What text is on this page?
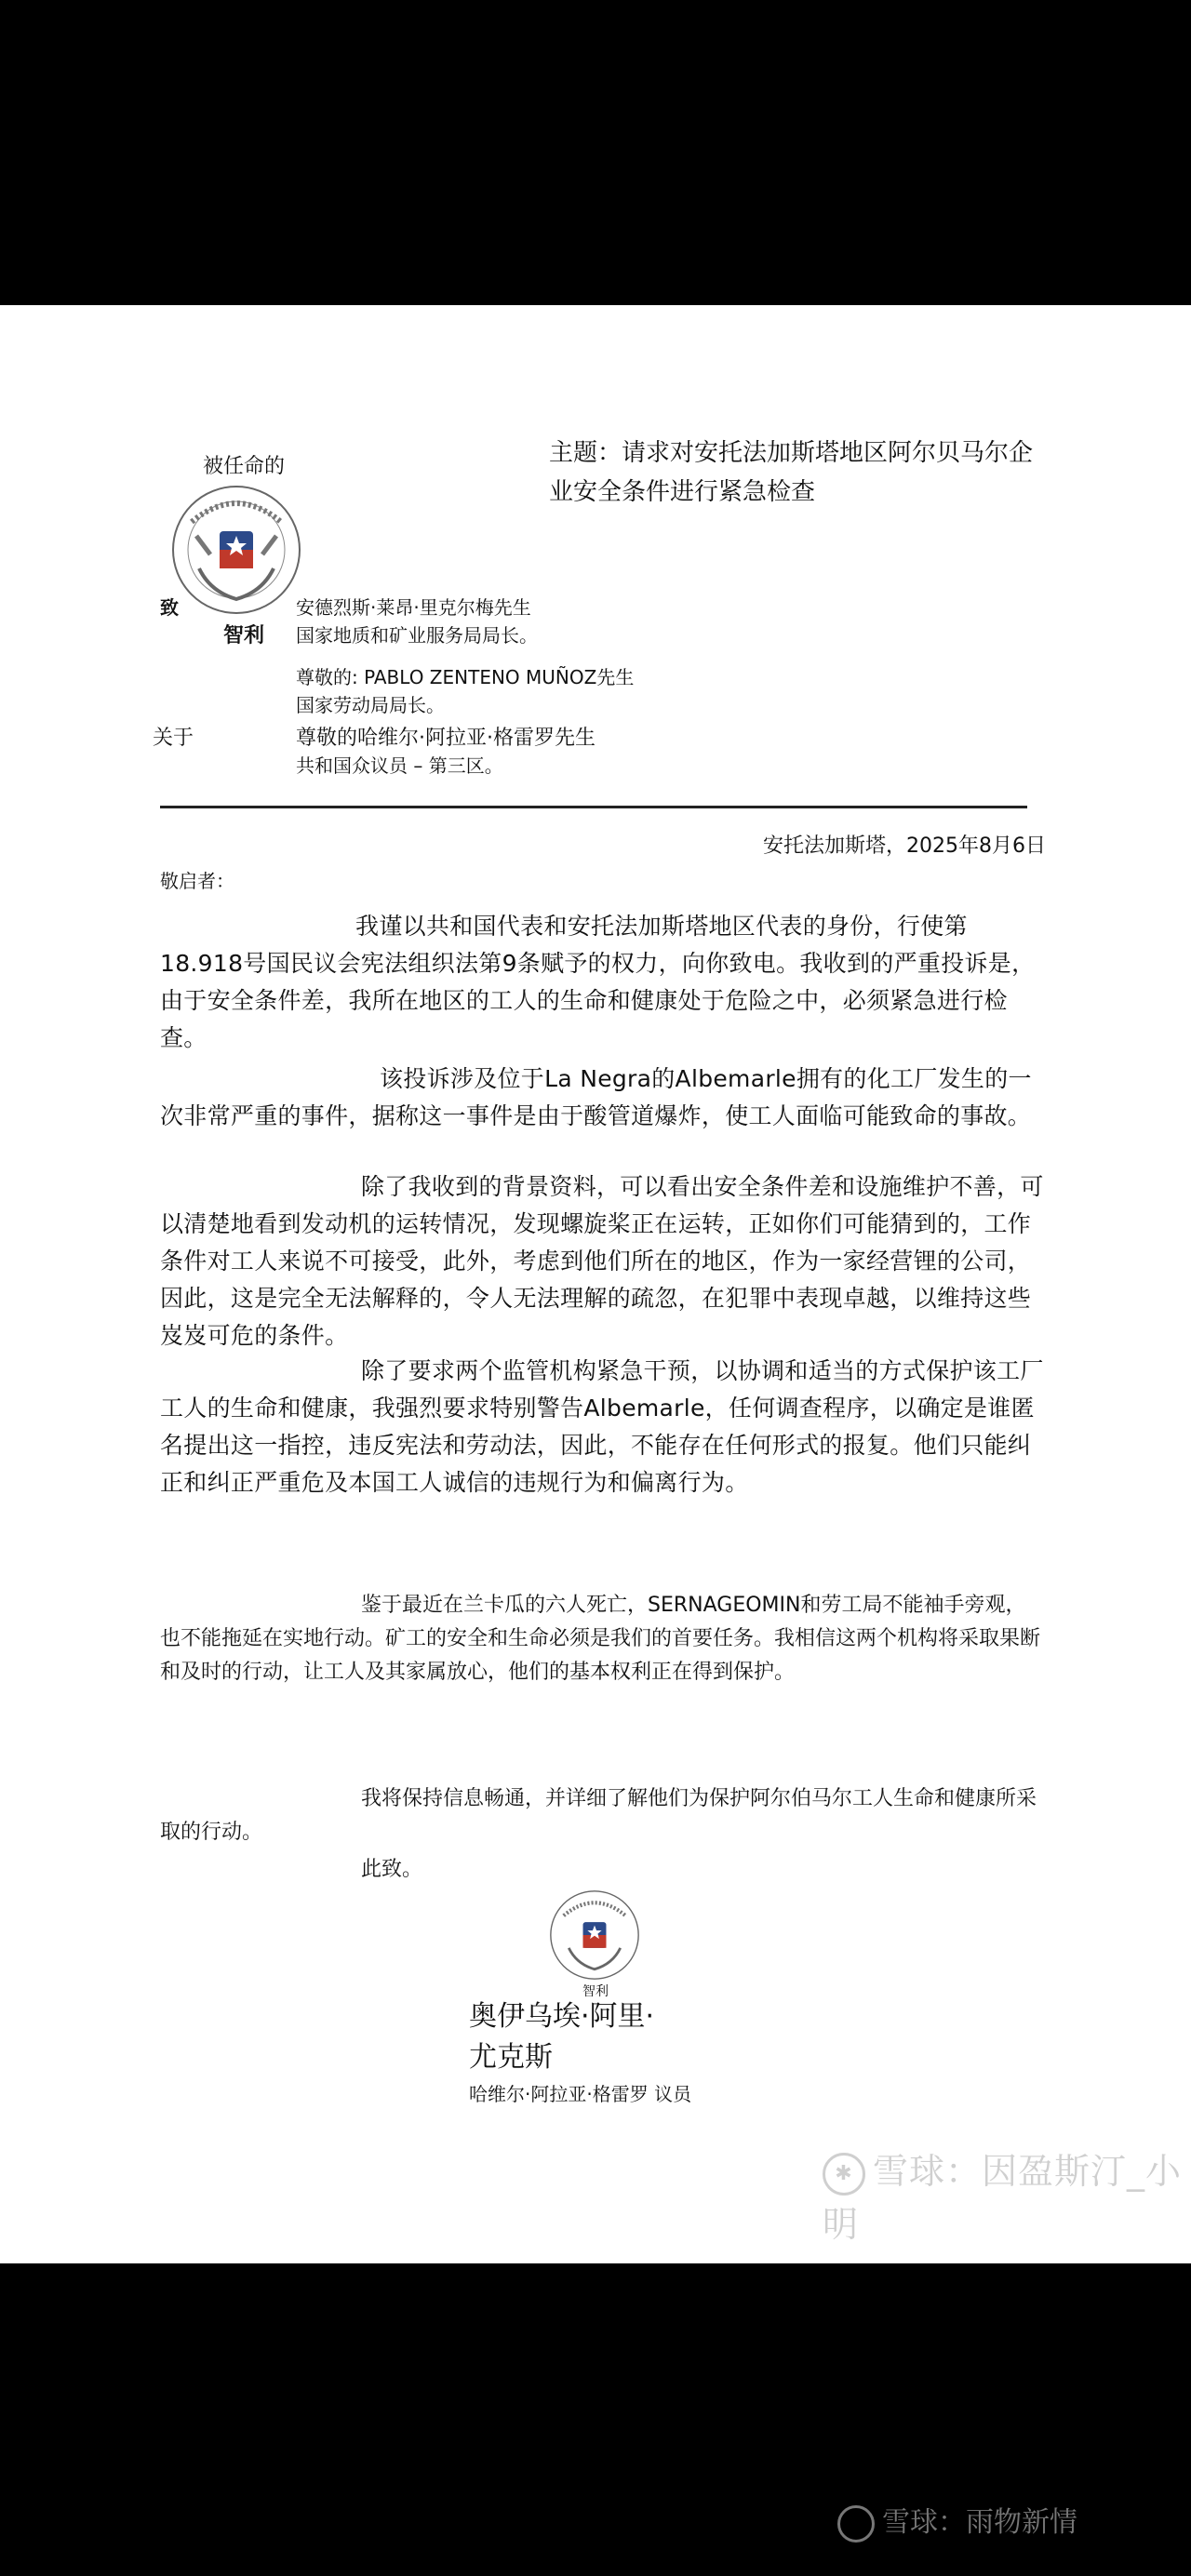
被任命的
智利
主题：请求对安托法加斯塔地区阿尔贝马尔企业安全条件进行紧急检查
致	安德烈斯·莱昂·里克尔梅先生
国家地质和矿业服务局局长。
尊敬的: PABLO ZENTENO MUÑOZ先生
国家劳动局局长。
关于	尊敬的哈维尔·阿拉亚·格雷罗先生
共和国众议员 – 第三区。
安托法加斯塔，2025年8月6日
敬启者：
我谨以共和国代表和安托法加斯塔地区代表的身份，行使第18.918号国民议会宪法组织法第9条赋予的权力，向你致电。我收到的严重投诉是，由于安全条件差，我所在地区的工人的生命和健康处于危险之中，必须紧急进行检查。
该投诉涉及位于La Negra的Albemarle拥有的化工厂发生的一次非常严重的事件，据称这一事件是由于酸管道爆炸，使工人面临可能致命的事故。
除了我收到的背景资料，可以看出安全条件差和设施维护不善，可以清楚地看到发动机的运转情况，发现螺旋桨正在运转，正如你们可能猜到的，工作条件对工人来说不可接受，此外，考虑到他们所在的地区，作为一家经营锂的公司，因此，这是完全无法解释的，令人无法理解的疏忽，在犯罪中表现卓越，以维持这些岌岌可危的条件。
除了要求两个监管机构紧急干预，以协调和适当的方式保护该工厂工人的生命和健康，我强烈要求特别警告Albemarle，任何调查程序，以确定是谁匿名提出这一指控，违反宪法和劳动法，因此，不能存在任何形式的报复。他们只能纠正和纠正严重危及本国工人诚信的违规行为和偏离行为。
鉴于最近在兰卡瓜的六人死亡，SERNAGEOMIN和劳工局不能袖手旁观，也不能拖延在实地行动。矿工的安全和生命必须是我们的首要任务。我相信这两个机构将采取果断和及时的行动，让工人及其家属放心，他们的基本权利正在得到保护。
我将保持信息畅通，并详细了解他们为保护阿尔伯马尔工人生命和健康所采取的行动。
此致。
智利
奥伊乌埃·阿里·
尤克斯
哈维尔·阿拉亚·格雷罗 议员
✱ 雪球：因盈斯汀_小明
雪球：雨物新情
